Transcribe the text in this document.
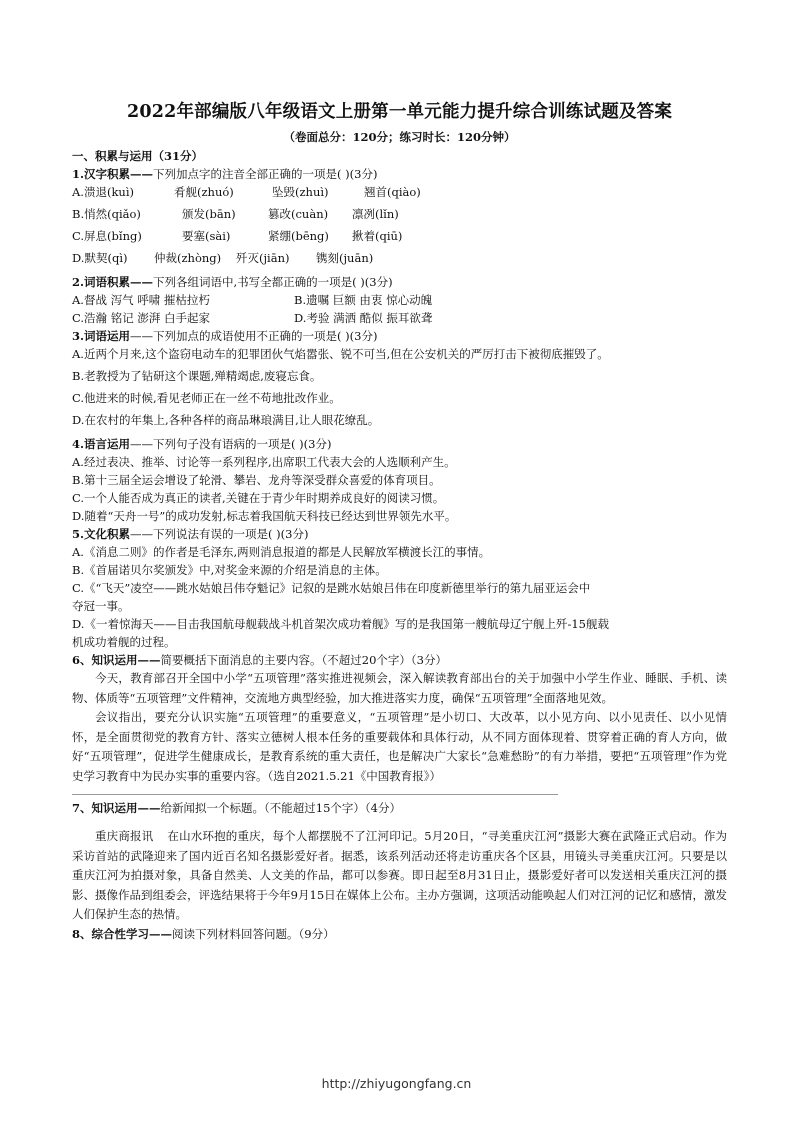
2022年部编版八年级语文上册第一单元能力提升综合训练试题及答案
（卷面总分：120分；练习时长：120分钟）
一、积累与运用（31分）
1.汉字积累——下列加点字的注音全部正确的一项是( )(3分)
A.溃退(kuì)	肴舰(zhuó)	坠毁(zhuì)	翘首(qiào)
B.悄然(qiǎo)	颁发(bān)	篡改(cuàn) 凛冽(lǐn)
C.屏息(bǐng)	要塞(sài)	紧绷(bēng) 揪着(qiū)
D.默契(qì) 仲裁(zhòng) 歼灭(jiān) 镌刻(juān)
2.词语积累——下列各组词语中,书写全都正确的一项是( )(3分)
A.督战 泻气 呼啸 摧枯拉朽	B.遗嘱 巨额 由衷 惊心动魄
C.浩瀚 铭记 澎湃 白手起家	D.考验 满洒 酷似 振耳欲聋
3.词语运用——下列加点的成语使用不正确的一项是( )(3分)
A.近两个月来,这个盗窃电动车的犯罪团伙气焰嚣张、锐不可当,但在公安机关的严厉打击下被彻底摧毁了。
B.老教授为了钻研这个课题,殚精竭虑,废寝忘食。
C.他进来的时候,看见老师正在一丝不苟地批改作业。
D.在农村的年集上,各种各样的商品琳琅满目,让人眼花缭乱。
4.语言运用——下列句子没有语病的一项是( )(3分)
A.经过表决、推举、讨论等一系列程序,出席职工代表大会的人选顺利产生。
B.第十三届全运会增设了轮滑、攀岩、龙舟等深受群众喜爱的体育项目。
C.一个人能否成为真正的读者,关键在于青少年时期养成良好的阅读习惯。
D.随着“天舟一号”的成功发射,标志着我国航天科技已经达到世界领先水平。
5.文化积累——下列说法有误的一项是( )(3分)
A.《消息二则》的作者是毛泽东,两则消息报道的都是人民解放军横渡长江的事情。
B.《首届诺贝尔奖颁发》中,对奖金来源的介绍是消息的主体。
C.《“飞天”凌空——跳水姑娘吕伟夺魁记》记叙的是跳水姑娘吕伟在印度新德里举行的第九届亚运会中
夺冠一事。
D.《一着惊海天——目击我国航母舰载战斗机首架次成功着舰》写的是我国第一艘航母辽宁舰上歼-15舰载
机成功着舰的过程。
6、知识运用——简要概括下面消息的主要内容。（不超过20个字）（3分）
今天，教育部召开全国中小学“五项管理”落实推进视频会，深入解读教育部出台的关于加强中小学生作业、睡眠、手机、读物、体质等“五项管理”文件精神，交流地方典型经验，加大推进落实力度，确保“五项管理”全面落地见效。
会议指出，要充分认识实施“五项管理”的重要意义，“五项管理”是小切口、大改革，以小见方向、以小见责任、以小见情怀，是全面贯彻党的教育方针、落实立德树人根本任务的重要载体和具体行动，从不同方面体现着、贯穿着正确的育人方向，做好“五项管理”，促进学生健康成长，是教育系统的重大责任，也是解决广大家长“急难愁盼”的有力举措，要把“五项管理”作为党史学习教育中为民办实事的重要内容。（选自2021.5.21《中国教育报》）
7、知识运用——给新闻拟一个标题。（不能超过15个字）（4分）
重庆商报讯 在山水环抱的重庆，每个人都摆脱不了江河印记。5月20日，“寻美重庆江河”摄影大赛在武隆正式启动。作为采访首站的武隆迎来了国内近百名知名摄影爱好者。据悉，该系列活动还将走访重庆各个区县，用镜头寻美重庆江河。只要是以重庆江河为拍摄对象，具备自然美、人文美的作品，都可以参赛。即日起至8月31日止，摄影爱好者可以发送相关重庆江河的摄影、摄像作品到组委会，评选结果将于今年9月15日在媒体上公布。主办方强调，这项活动能唤起人们对江河的记忆和感情，激发人们保护生态的热情。
8、综合性学习——阅读下列材料回答问题。（9分）
http://zhiyugongfang.cn
